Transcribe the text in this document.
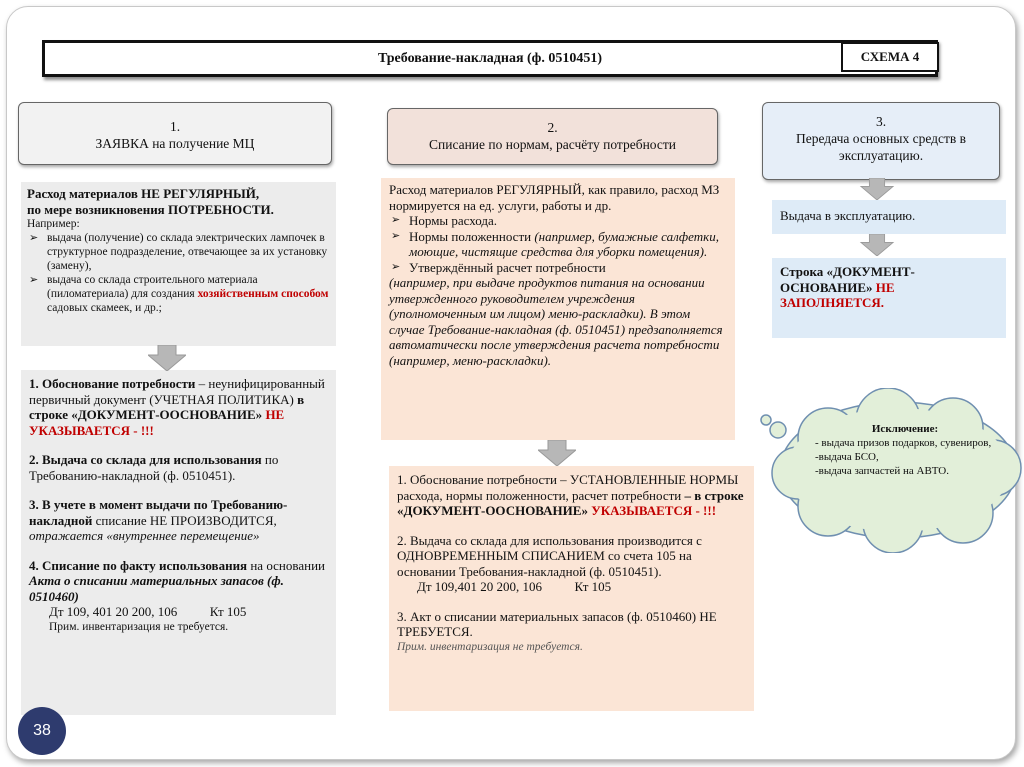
Требование-накладная (ф. 0510451)	СХЕМА 4
1.
ЗАЯВКА на получение МЦ
2.
Списание по нормам, расчёту потребности
3.
Передача основных средств в эксплуатацию.

Расход материалов НЕ РЕГУЛЯРНЫЙ,

по мере возникновения ПОТРЕБНОСТИ.

Например:

➢ выдача (получение) со склада электрических лампочек в структурное подразделение, отвечающее за их установку (замену),
➢ выдача со склада строительного материала (пиломатериала) для создания хозяйственным способом садовых скамеек, и др.;

1. Обоснование потребности – неунифицированный первичный документ (УЧЕТНАЯ ПОЛИТИКА) в строке «ДОКУМЕНТ-ООСНОВАНИЕ» НЕ УКАЗЫВАЕТСЯ - !!!

2. Выдача со склада для использования по Требованию-накладной (ф. 0510451).

3. В учете в момент выдачи по Требованию-накладной списание НЕ ПРОИЗВОДИТСЯ, отражается «внутреннее перемещение»

4. Списание по факту использования на основании Акта о списании материальных запасов (ф. 0510460)

Дт 109, 401 20 200, 106          Кт 105

Прим. инвентаризация не требуется.

Расход материалов РЕГУЛЯРНЫЙ, как правило, расход МЗ нормируется на ед. услуги, работы и др.

➢ Нормы расхода.
➢ Нормы положенности (например, бумажные салфетки, моющие, чистящие средства для уборки помещения).
➢ Утверждённый расчет потребности

(например, при выдаче продуктов питания на основании утвержденного руководителем учреждения (уполномоченным им лицом) меню-раскладки). В этом случае Требование-накладная (ф. 0510451) предзаполняется автоматически после утверждения расчета потребности (например, меню-раскладки).

1. Обоснование потребности – УСТАНОВЛЕННЫЕ НОРМЫ расхода, нормы положенности, расчет потребности – в строке «ДОКУМЕНТ-ООСНОВАНИЕ» УКАЗЫВАЕТСЯ - !!!

2. Выдача со склада для использования производится с ОДНОВРЕМЕННЫМ СПИСАНИЕМ со счета 105 на основании Требования-накладной (ф. 0510451).

Дт 109,401 20 200, 106          Кт 105

3. Акт о списании материальных запасов (ф. 0510460) НЕ ТРЕБУЕТСЯ.

Прим. инвентаризация не требуется.

Выдача в эксплуатацию.

Строка «ДОКУМЕНТ-ОСНОВАНИЕ» НЕ ЗАПОЛНЯЕТСЯ.

Исключение:

- выдача призов подарков, сувениров,

-выдача БСО,

-выдача запчастей на АВТО.

38
